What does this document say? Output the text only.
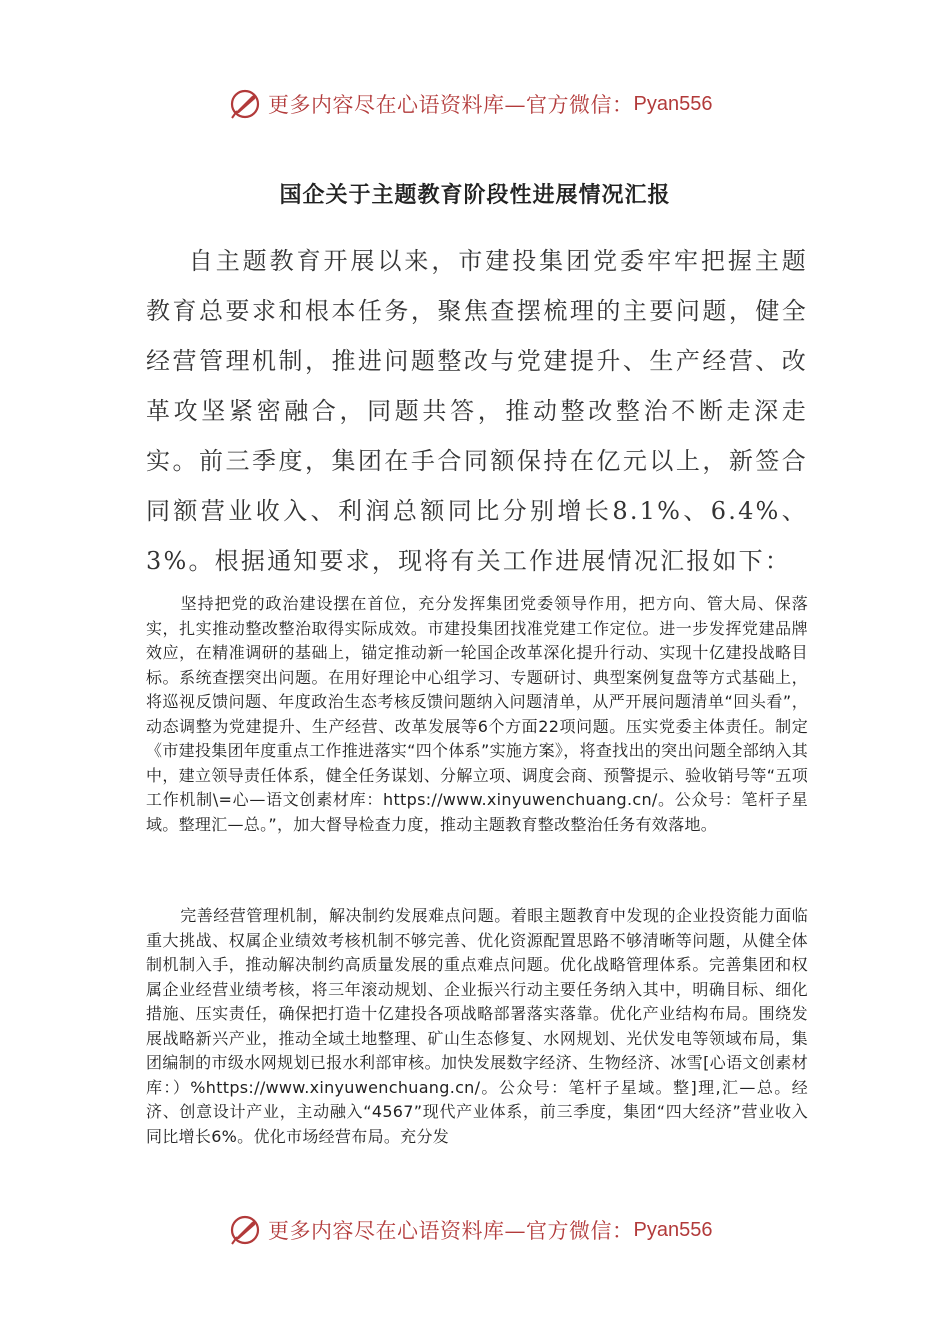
更多内容尽在心语资料库—官方微信： Pyan556
国企关于主题教育阶段性进展情况汇报
自主题教育开展以来，市建投集团党委牢牢把握主题教育总要求和根本任务，聚焦查摆梳理的主要问题，健全经营管理机制，推进问题整改与党建提升、生产经营、改革攻坚紧密融合，同题共答，推动整改整治不断走深走实。前三季度，集团在手合同额保持在亿元以上，新签合同额营业收入、利润总额同比分别增长8.1%、6.4%、3%。根据通知要求，现将有关工作进展情况汇报如下：
坚持把党的政治建设摆在首位，充分发挥集团党委领导作用，把方向、管大局、保落实，扎实推动整改整治取得实际成效。市建投集团找准党建工作定位。进一步发挥党建品牌效应，在精准调研的基础上，锚定推动新一轮国企改革深化提升行动、实现十亿建投战略目标。系统查摆突出问题。在用好理论中心组学习、专题研讨、典型案例复盘等方式基础上，将巡视反馈问题、年度政治生态考核反馈问题纳入问题清单，从严开展问题清单“回头看”，动态调整为党建提升、生产经营、改革发展等6个方面22项问题。压实党委主体责任。制定《市建投集团年度重点工作推进落实“四个体系”实施方案》，将查找出的突出问题全部纳入其中，建立领导责任体系，健全任务谋划、分解立项、调度会商、预警提示、验收销号等“五项工作机制\=心—语文创素材库：https://www.xinyuwenchuang.cn/。公众号：笔杆子星域。整理汇—总。”，加大督导检查力度，推动主题教育整改整治任务有效落地。
完善经营管理机制，解决制约发展难点问题。着眼主题教育中发现的企业投资能力面临重大挑战、权属企业绩效考核机制不够完善、优化资源配置思路不够清晰等问题，从健全体制机制入手，推动解决制约高质量发展的重点难点问题。优化战略管理体系。完善集团和权属企业经营业绩考核，将三年滚动规划、企业振兴行动主要任务纳入其中，明确目标、细化措施、压实责任，确保把打造十亿建投各项战略部署落实落靠。优化产业结构布局。围绕发展战略新兴产业，推动全域土地整理、矿山生态修复、水网规划、光伏发电等领域布局，集团编制的市级水网规划已报水利部审核。加快发展数字经济、生物经济、冰雪[心语文创素材库：）%https://www.xinyuwenchuang.cn/。公众号：笔杆子星域。整]理,汇—总。经济、创意设计产业，主动融入“4567”现代产业体系，前三季度，集团“四大经济”营业收入同比增长6%。优化市场经营布局。充分发
更多内容尽在心语资料库—官方微信： Pyan556
